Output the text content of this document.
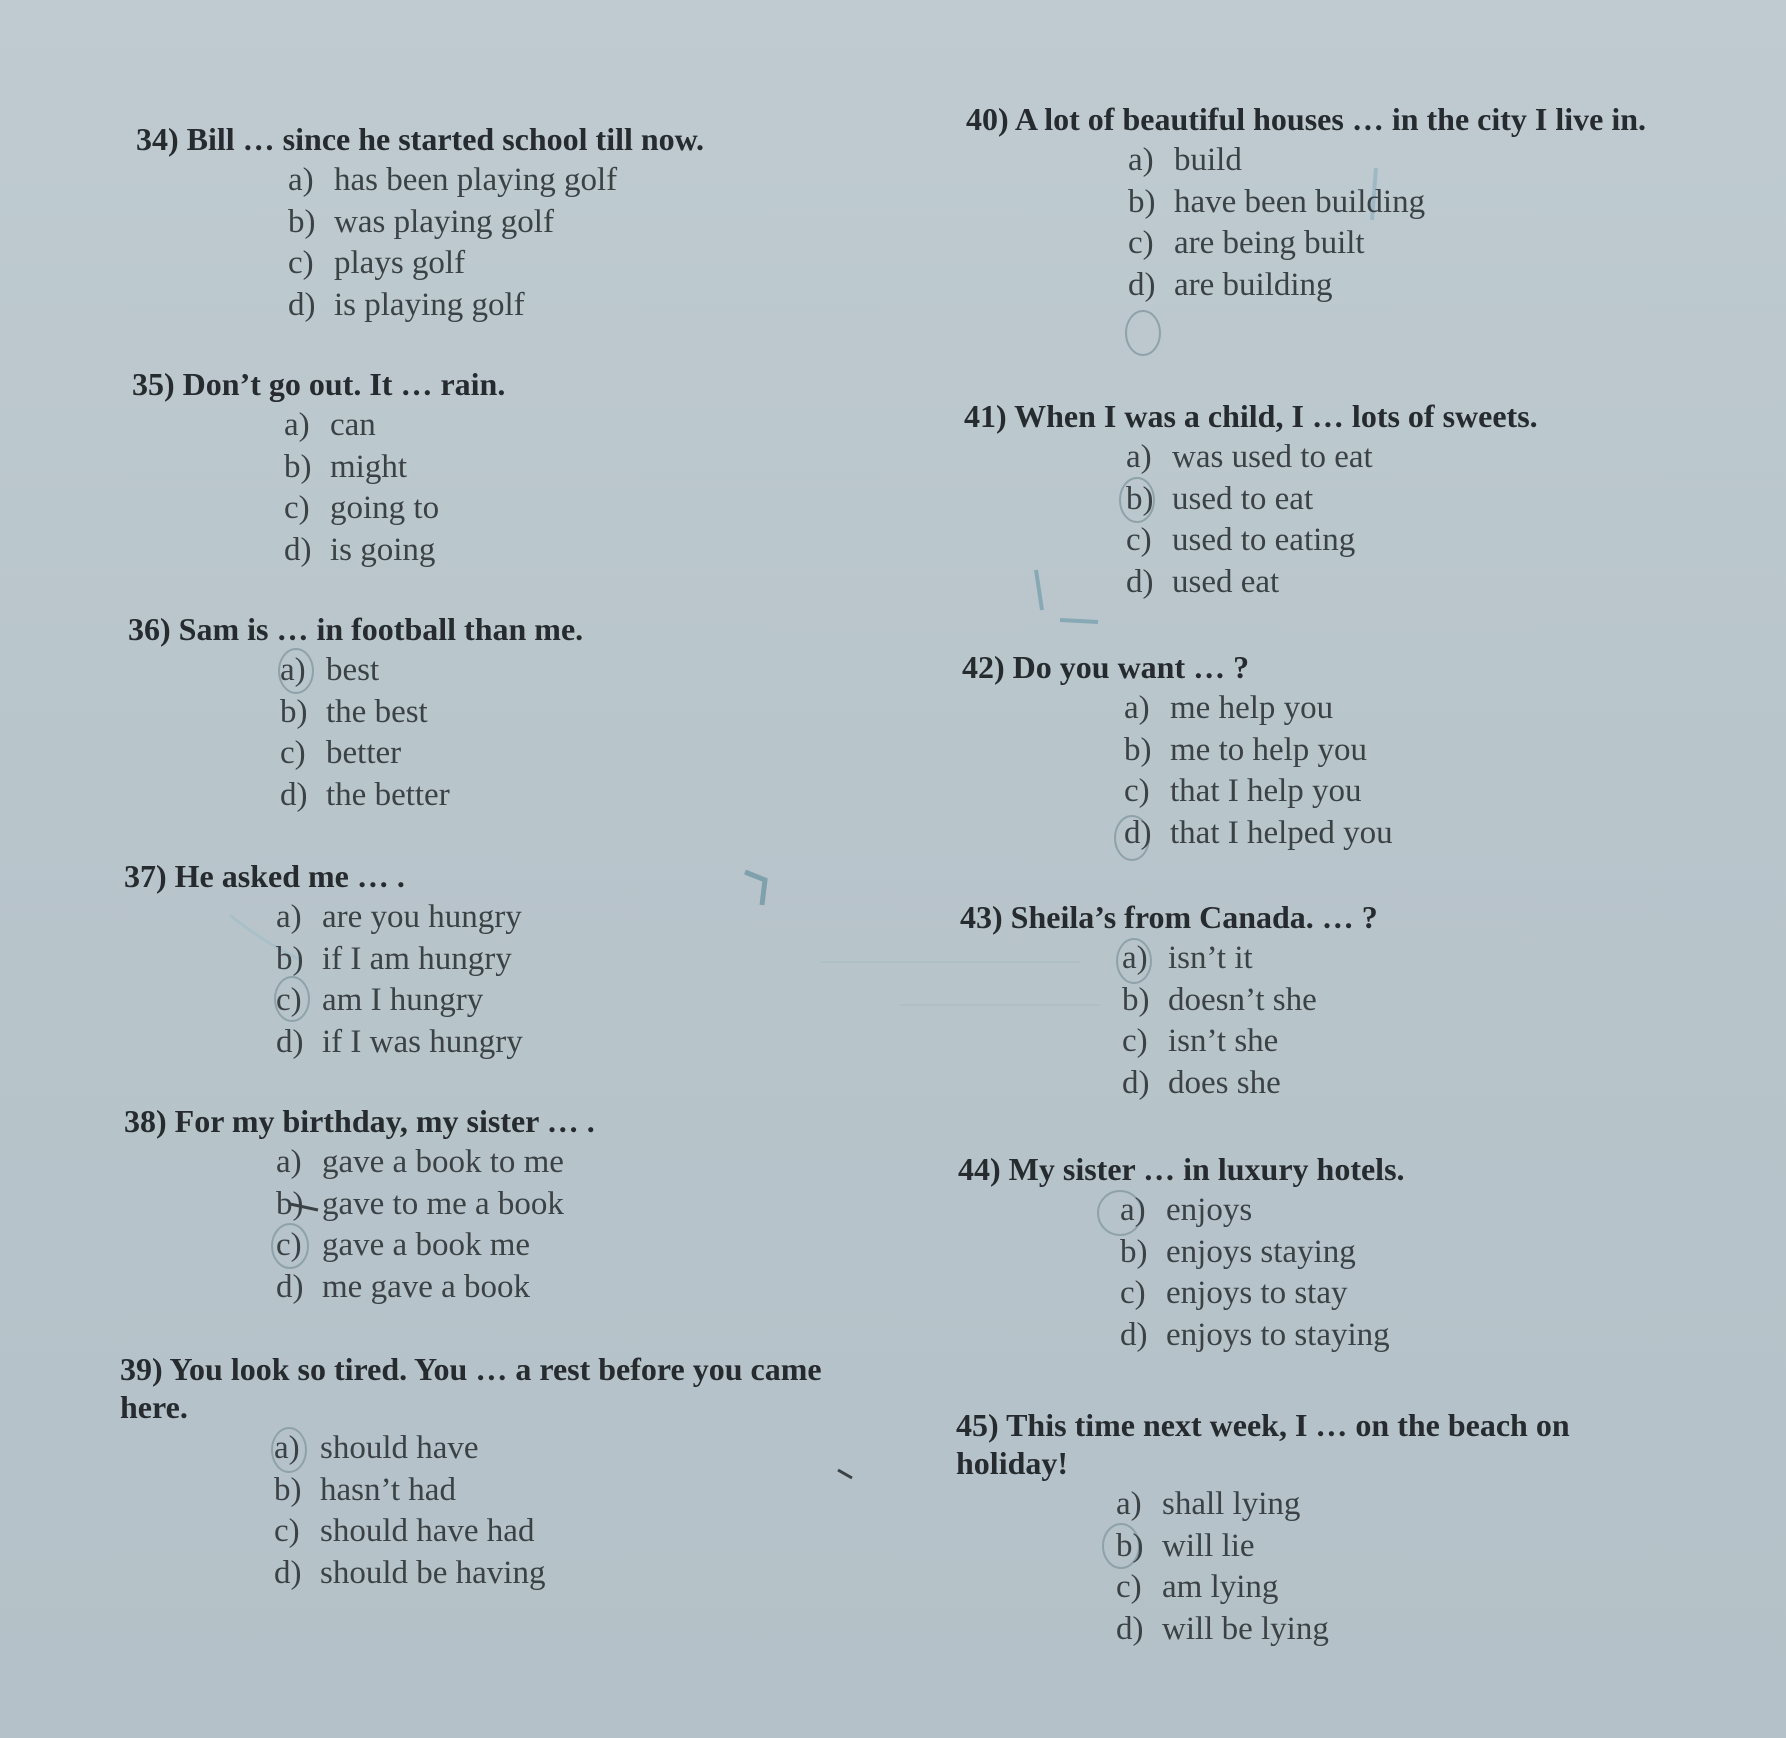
34) Bill … since he started school till now.
a) has been playing golf
b) was playing golf
c) plays golf
d) is playing golf
35) Don’t go out. It … rain.
a) can
b) might
c) going to
d) is going
36) Sam is … in football than me.
a) best
b) the best
c) better
d) the better
37) He asked me … .
a) are you hungry
b) if I am hungry
c) am I hungry
d) if I was hungry
38) For my birthday, my sister … .
a) gave a book to me
b) gave to me a book
c) gave a book me
d) me gave a book
39) You look so tired. You … a rest before you came here.
a) should have
b) hasn’t had
c) should have had
d) should be having
40) A lot of beautiful houses … in the city I live in.
a) build
b) have been building
c) are being built
d) are building
41) When I was a child, I … lots of sweets.
a) was used to eat
b) used to eat
c) used to eating
d) used eat
42) Do you want … ?
a) me help you
b) me to help you
c) that I help you
d) that I helped you
43) Sheila’s from Canada. … ?
a) isn’t it
b) doesn’t she
c) isn’t she
d) does she
44) My sister … in luxury hotels.
a) enjoys
b) enjoys staying
c) enjoys to stay
d) enjoys to staying
45) This time next week, I … on the beach on holiday!
a) shall lying
b) will lie
c) am lying
d) will be lying
